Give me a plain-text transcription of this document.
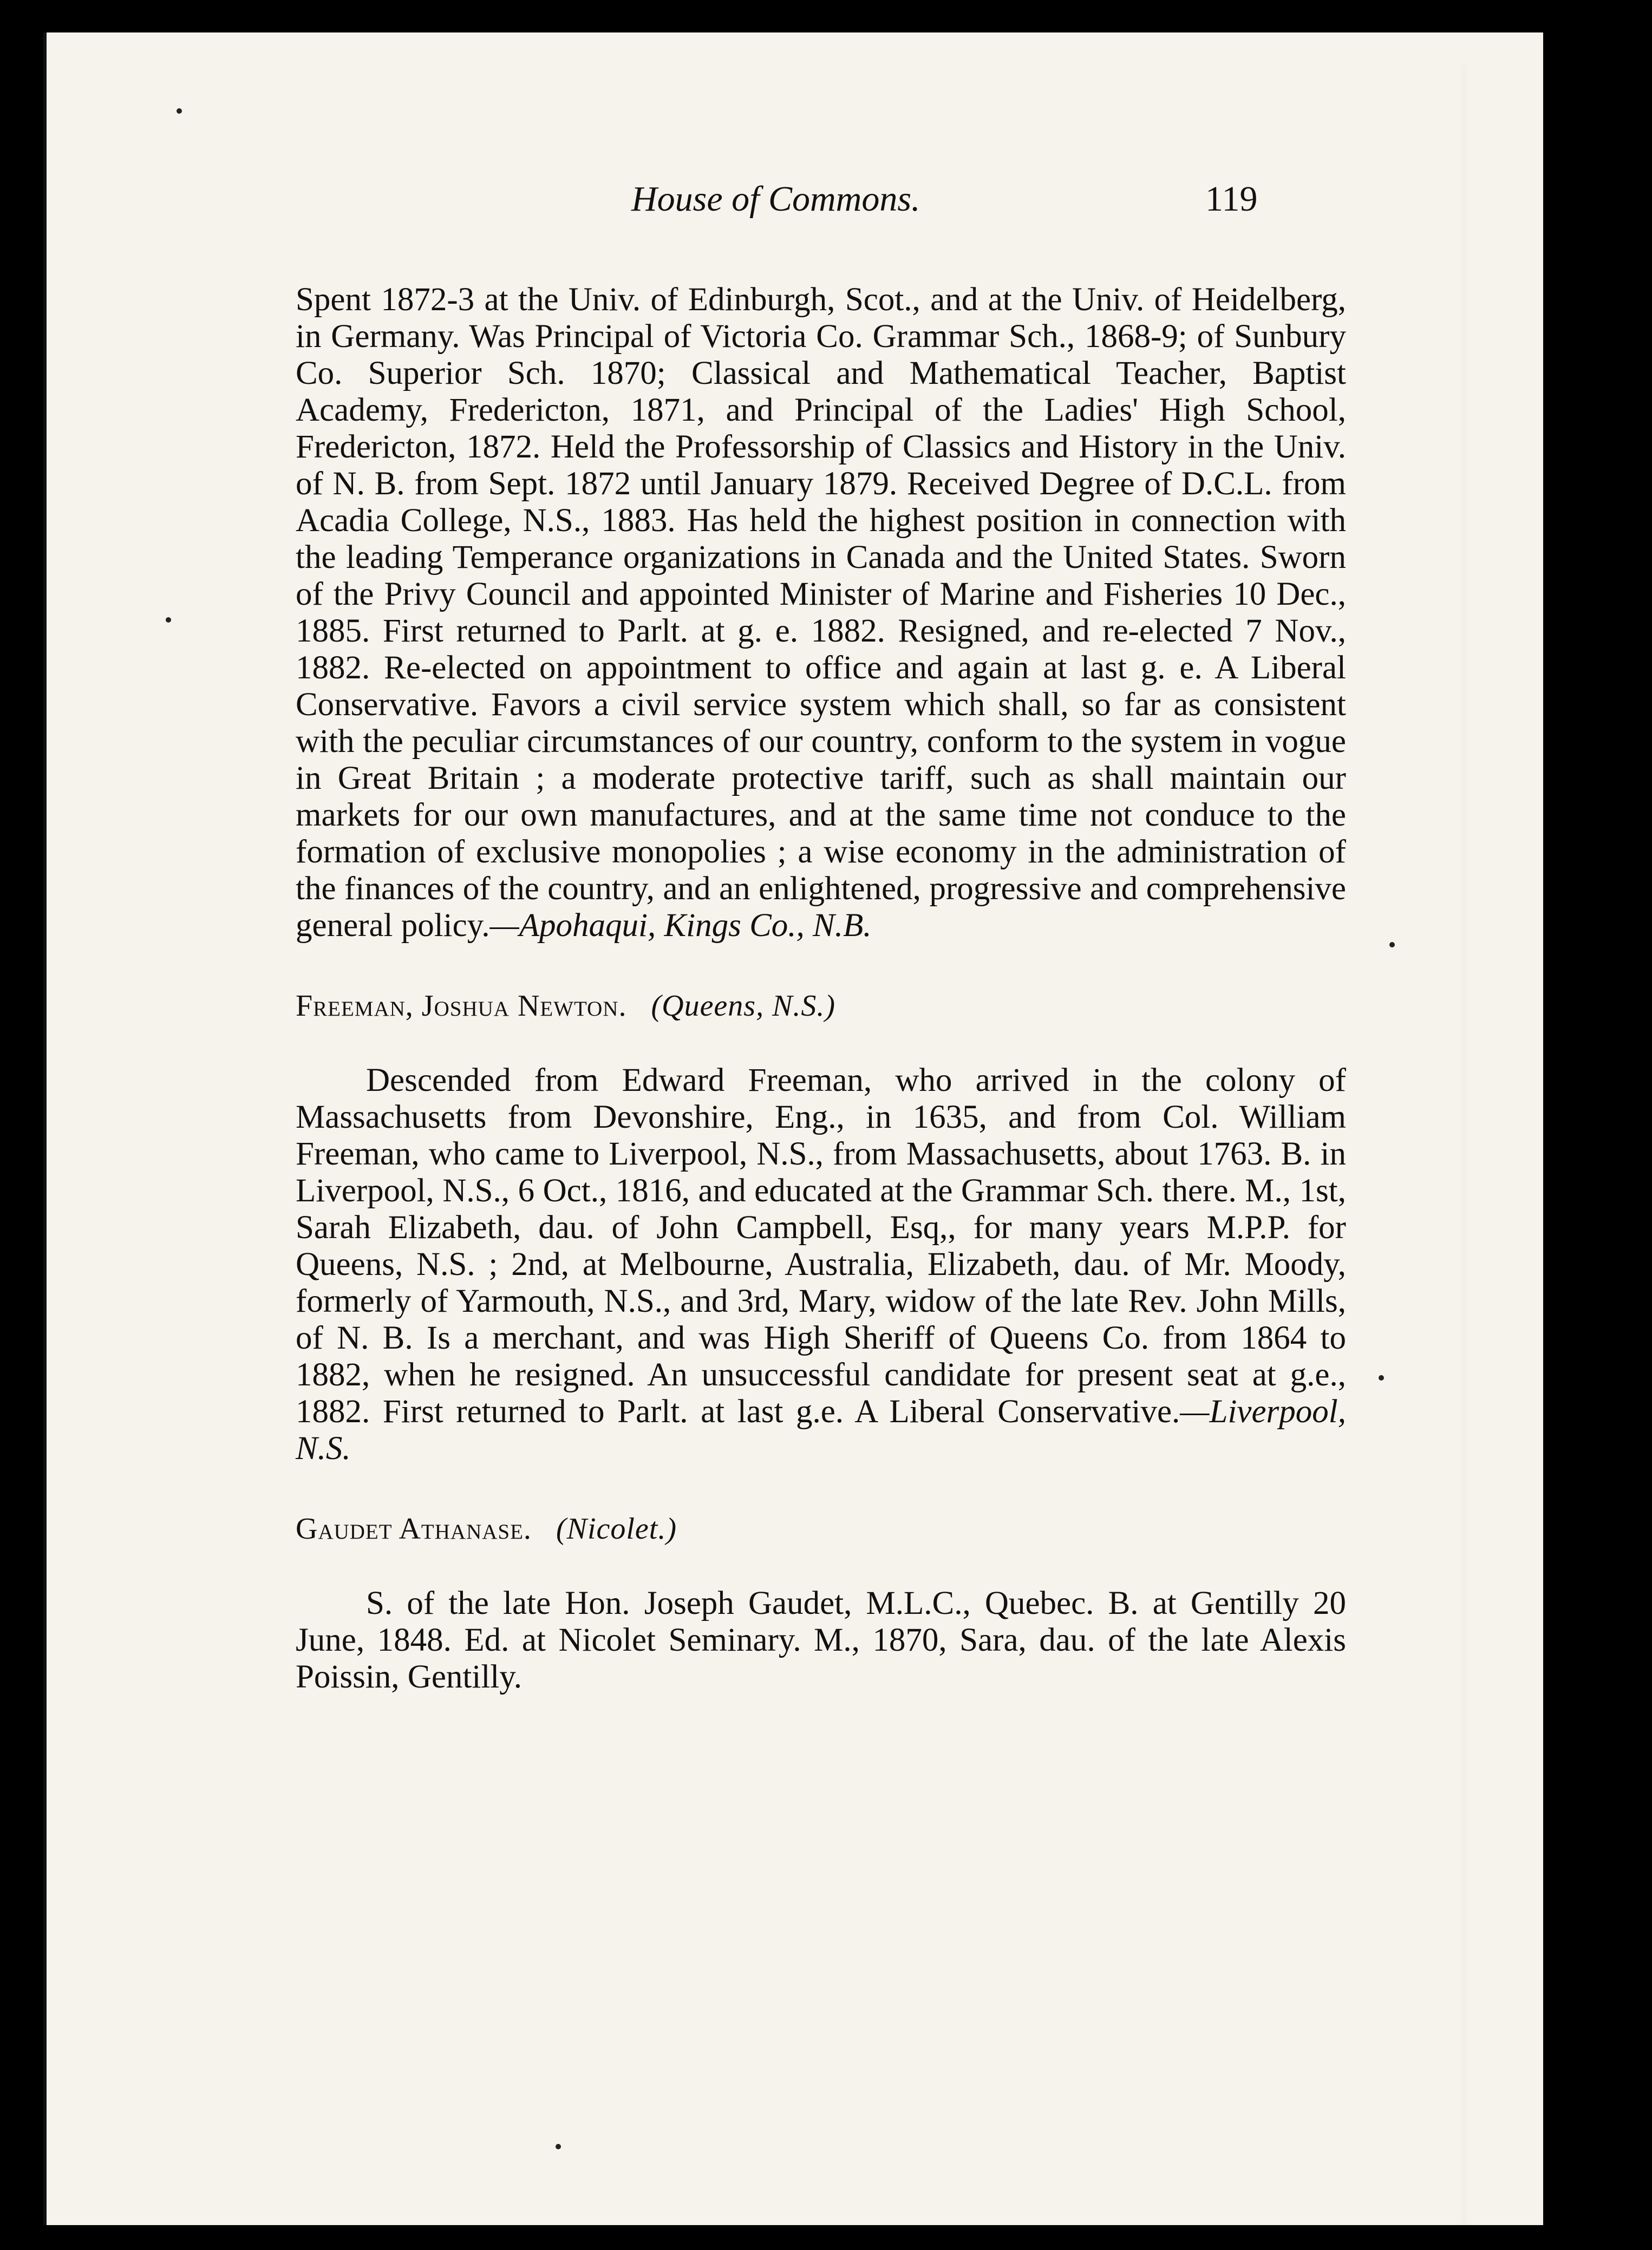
House of Commons.	119

Spent 1872-3 at the Univ. of Edinburgh, Scot., and at the Univ. of Heidelberg, in Germany. Was Principal of Victoria Co. Grammar Sch., 1868-9; of Sunbury Co. Superior Sch. 1870; Classical and Mathematical Teacher, Baptist Academy, Fredericton, 1871, and Principal of the Ladies' High School, Fredericton, 1872. Held the Professorship of Classics and History in the Univ. of N. B. from Sept. 1872 until January 1879. Received Degree of D.C.L. from Acadia College, N.S., 1883. Has held the highest position in connection with the leading Temperance organizations in Canada and the United States. Sworn of the Privy Council and appointed Minister of Marine and Fisheries 10 Dec., 1885. First returned to Parlt. at g. e. 1882. Resigned, and re-elected 7 Nov., 1882. Re-elected on appointment to office and again at last g. e. A Liberal Conservative. Favors a civil service system which shall, so far as consistent with the peculiar circumstances of our country, conform to the system in vogue in Great Britain ; a moderate protective tariff, such as shall maintain our markets for our own manufactures, and at the same time not conduce to the formation of exclusive monopolies ; a wise economy in the administration of the finances of the country, and an enlightened, progressive and comprehensive general policy.—Apohaqui, Kings Co., N.B.

Freeman, Joshua Newton. (Queens, N.S.)

Descended from Edward Freeman, who arrived in the colony of Massachusetts from Devonshire, Eng., in 1635, and from Col. William Freeman, who came to Liverpool, N.S., from Massachusetts, about 1763. B. in Liverpool, N.S., 6 Oct., 1816, and educated at the Grammar Sch. there. M., 1st, Sarah Elizabeth, dau. of John Campbell, Esq,, for many years M.P.P. for Queens, N.S. ; 2nd, at Melbourne, Australia, Elizabeth, dau. of Mr. Moody, formerly of Yarmouth, N.S., and 3rd, Mary, widow of the late Rev. John Mills, of N. B. Is a merchant, and was High Sheriff of Queens Co. from 1864 to 1882, when he resigned. An unsuccessful candidate for present seat at g.e., 1882. First returned to Parlt. at last g.e. A Liberal Conservative.—Liverpool, N.S.

Gaudet Athanase. (Nicolet.)

S. of the late Hon. Joseph Gaudet, M.L.C., Quebec. B. at Gentilly 20 June, 1848. Ed. at Nicolet Seminary. M., 1870, Sara, dau. of the late Alexis Poissin, Gentilly.
